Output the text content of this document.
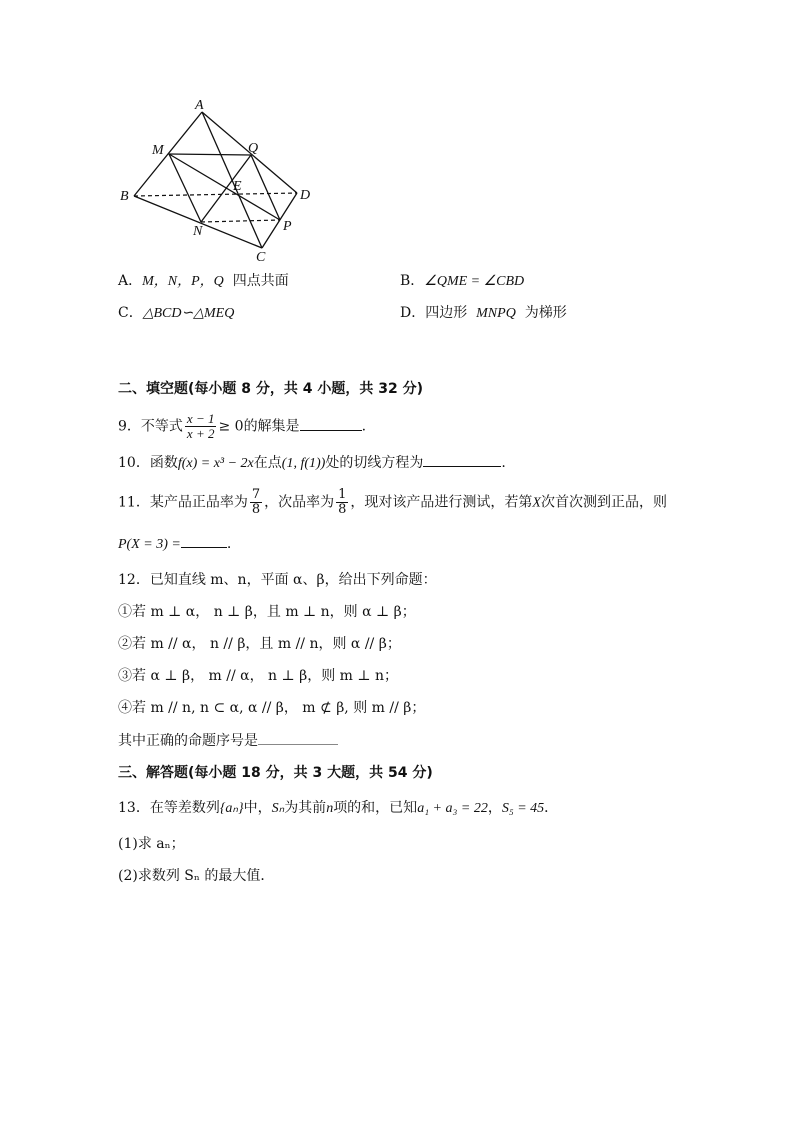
A
M	Q
B
E
D
N	P
C
A．M，N，P，Q 四点共面	B．∠QME = ∠CBD
C．△BCD∽△MEQ	D．四边形 MNPQ 为梯形
二、填空题(每小题 8 分，共 4 小题，共 32 分)
9．不等式 $\frac{x - 1}{x + 2} \ge 0$的解集是	.
10．函数f(x) = x³ − 2x在点(1, f(1))处的切线方程为	.
11．某产品正品率为 $\frac{7}{8}$ ，次品率为 $\frac{1}{8}$ ，现对该产品进行测试，若第X次首次测到正品，则
P(X = 3) =	.
12．已知直线 m、n，平面 α、β，给出下列命题：
①若 m ⊥ α， n ⊥ β，且 m ⊥ n，则 α ⊥ β；
②若 m // α， n // β，且 m // n，则 α // β；
③若 α ⊥ β， m // α， n ⊥ β，则 m ⊥ n；
④若 m // n, n ⊂ α, α // β， m ⊄ β, 则 m // β；
其中正确的命题序号是
三、解答题(每小题 18 分，共 3 大题，共 54 分)
13．在等差数列{aₙ}中，Sₙ为其前n项的和，已知a₁ + a₃ = 22，S₅ = 45．
(1)求 aₙ；
(2)求数列 Sₙ 的最大值．
